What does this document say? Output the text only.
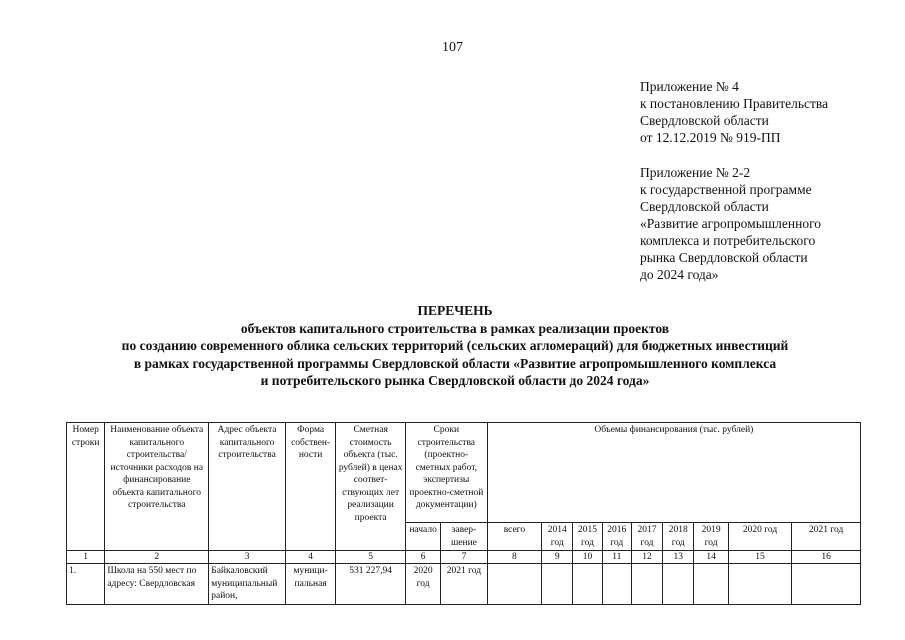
107
Приложение № 4
к постановлению Правительства
Свердловской области
от 12.12.2019 № 919-ПП
Приложение № 2-2
к государственной программе
Свердловской области
«Развитие агропромышленного
комплекса и потребительского
рынка Свердловской области
до 2024 года»
ПЕРЕЧЕНЬ
объектов капитального строительства в рамках реализации проектов
по созданию современного облика сельских территорий (сельских агломераций) для бюджетных инвестиций
в рамках государственной программы Свердловской области «Развитие агропромышленного комплекса
и потребительского рынка Свердловской области до 2024 года»
Номер строки	Наименование объекта капитального строительства/ источники расходов на финансирование объекта капитального строительства	Адрес объекта капитального строительства	Форма собствен-ности	Сметная стоимость объекта (тыс. рублей) в ценах соответ-ствующих лет реализации проекта	Сроки строительства (проектно-сметных работ, экспертизы проектно-сметной документации)		Объемы финансирования (тыс. рублей)								
					начало	завер-шение	всего	2014 год	2015 год	2016 год	2017 год	2018 год	2019 год	2020 год	2021 год
1	2	3	4	5	6	7	8	9	10	11	12	13	14	15	16
1.	Школа на 550 мест по адресу: Свердловская	Байкаловский муниципальный район,	муници-пальная	531 227,94	2020 год	2021 год									
